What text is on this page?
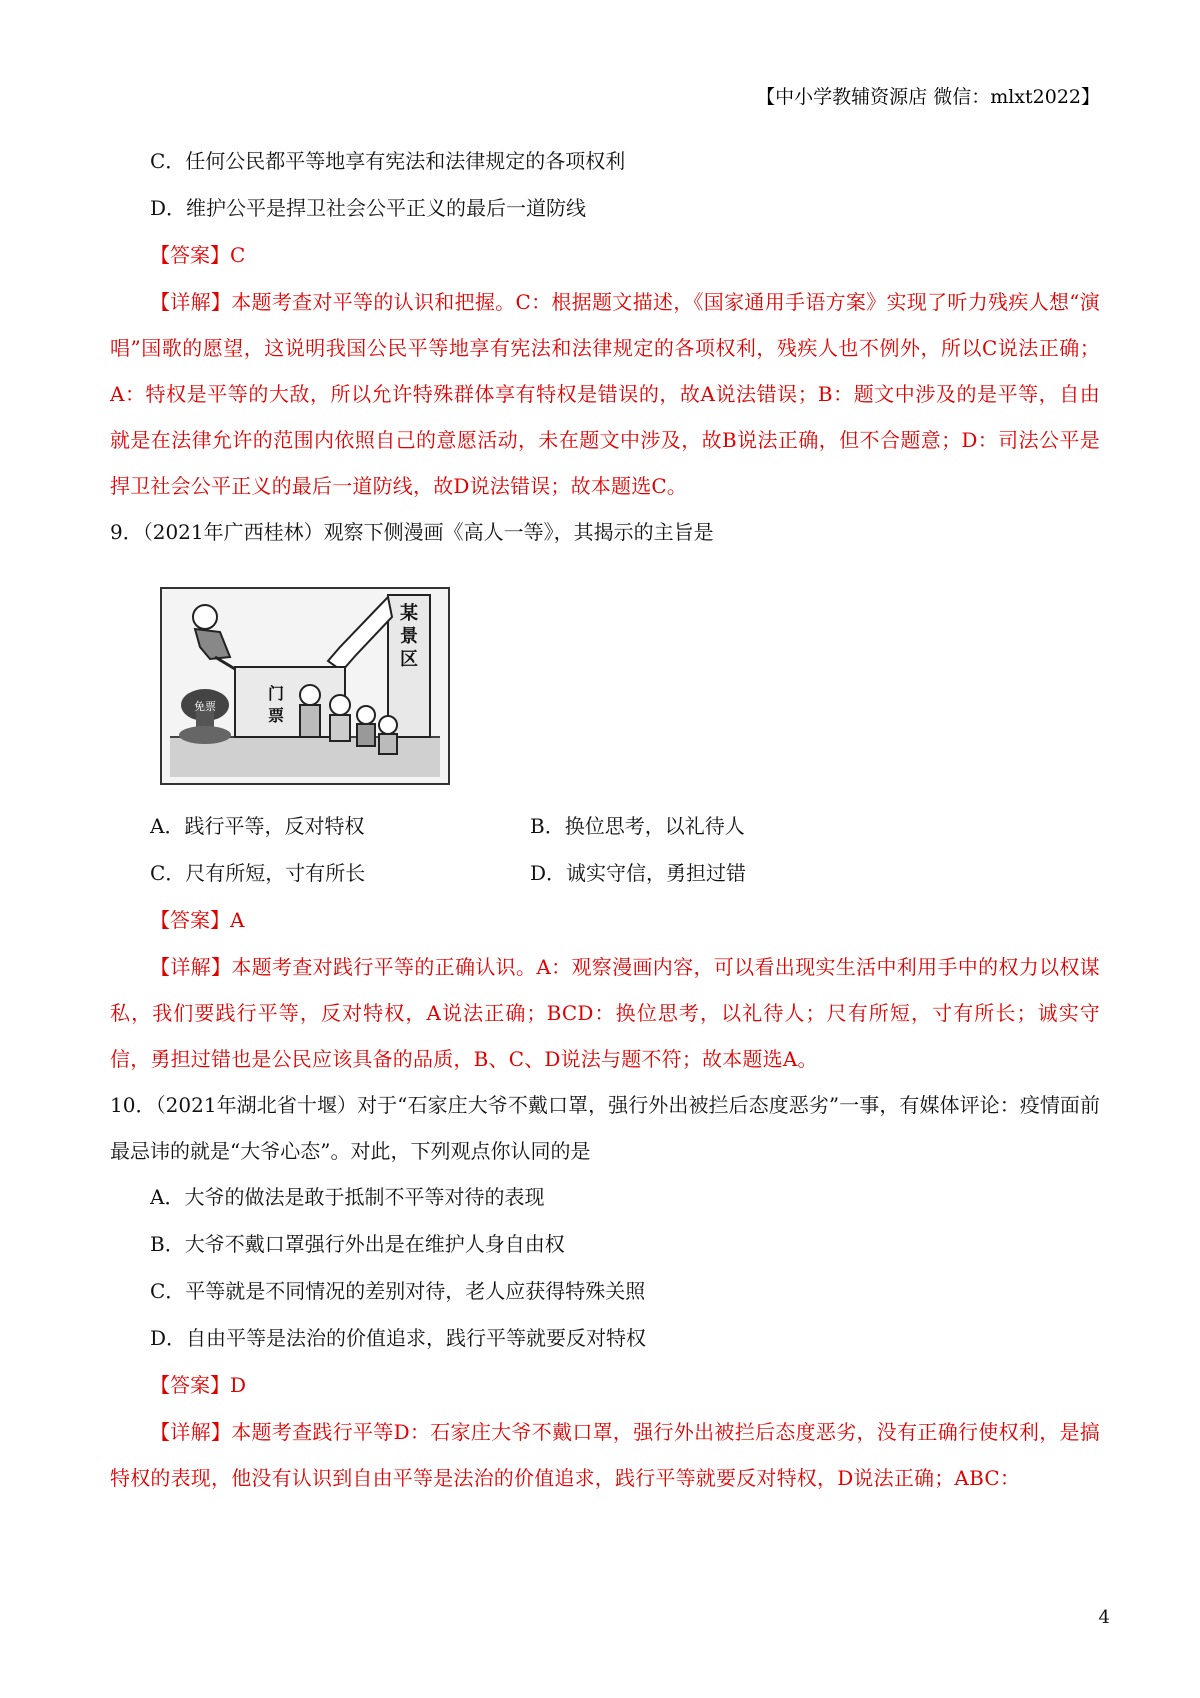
【中小学教辅资源店 微信：mlxt2022】
C．任何公民都平等地享有宪法和法律规定的各项权利
D．维护公平是捍卫社会公平正义的最后一道防线
【答案】C
【详解】本题考查对平等的认识和把握。C：根据题文描述，《国家通用手语方案》实现了听力残疾人想“演唱”国歌的愿望，这说明我国公民平等地享有宪法和法律规定的各项权利，残疾人也不例外，所以C说法正确；A：特权是平等的大敌，所以允许特殊群体享有特权是错误的，故A说法错误；B：题文中涉及的是平等，自由就是在法律允许的范围内依照自己的意愿活动，未在题文中涉及，故B说法正确，但不合题意；D：司法公平是捍卫社会公平正义的最后一道防线，故D说法错误；故本题选C。
9．（2021年广西桂林）观察下侧漫画《高人一等》，其揭示的主旨是
某
景
区
门
票
免票
A．践行平等，反对特权	B．换位思考，以礼待人
C．尺有所短，寸有所长	D．诚实守信，勇担过错
【答案】A
【详解】本题考查对践行平等的正确认识。A：观察漫画内容，可以看出现实生活中利用手中的权力以权谋私，我们要践行平等，反对特权，A说法正确；BCD：换位思考，以礼待人；尺有所短，寸有所长；诚实守信，勇担过错也是公民应该具备的品质，B、C、D说法与题不符；故本题选A。
10．（2021年湖北省十堰）对于“石家庄大爷不戴口罩，强行外出被拦后态度恶劣”一事，有媒体评论：疫情面前最忌讳的就是“大爷心态”。对此，下列观点你认同的是
A．大爷的做法是敢于抵制不平等对待的表现
B．大爷不戴口罩强行外出是在维护人身自由权
C．平等就是不同情况的差别对待，老人应获得特殊关照
D．自由平等是法治的价值追求，践行平等就要反对特权
【答案】D
【详解】本题考查践行平等D：石家庄大爷不戴口罩，强行外出被拦后态度恶劣，没有正确行使权利，是搞特权的表现，他没有认识到自由平等是法治的价值追求，践行平等就要反对特权，D说法正确；ABC：
4
